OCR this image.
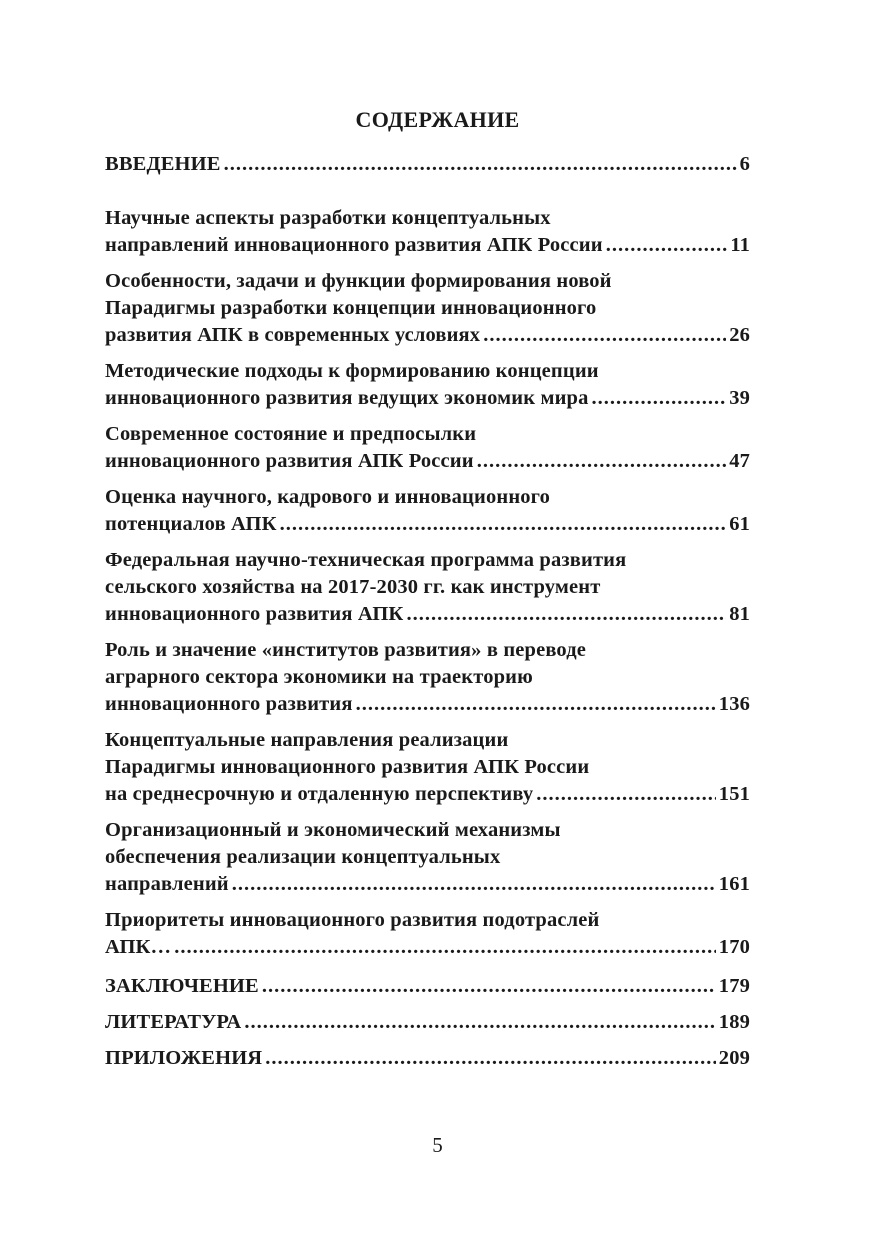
СОДЕРЖАНИЕ
ВВЕДЕНИЕ .....	6
Научные аспекты разработки концептуальных
направлений инновационного развития АПК России .....	11
Особенности, задачи и функции формирования новой
Парадигмы разработки концепции инновационного
развития АПК в современных условиях .....	26
Методические подходы к формированию концепции
инновационного развития ведущих экономик мира .....	39
Современное состояние и предпосылки
инновационного развития АПК России .....	47
Оценка научного, кадрового и инновационного
потенциалов АПК .....	61
Федеральная научно-техническая программа развития
сельского хозяйства на 2017-2030 гг. как инструмент
инновационного развития АПК .....	81
Роль и значение «институтов развития» в переводе
аграрного сектора экономики на траекторию
инновационного развития .....	136
Концептуальные направления реализации
Парадигмы инновационного развития АПК России
на среднесрочную и отдаленную перспективу .....	151
Организационный и экономический механизмы
обеспечения реализации концептуальных
направлений .....	161
Приоритеты инновационного развития подотраслей
АПК… .....	170
ЗАКЛЮЧЕНИЕ .....	179
ЛИТЕРАТУРА .....	189
ПРИЛОЖЕНИЯ .....	209
5
